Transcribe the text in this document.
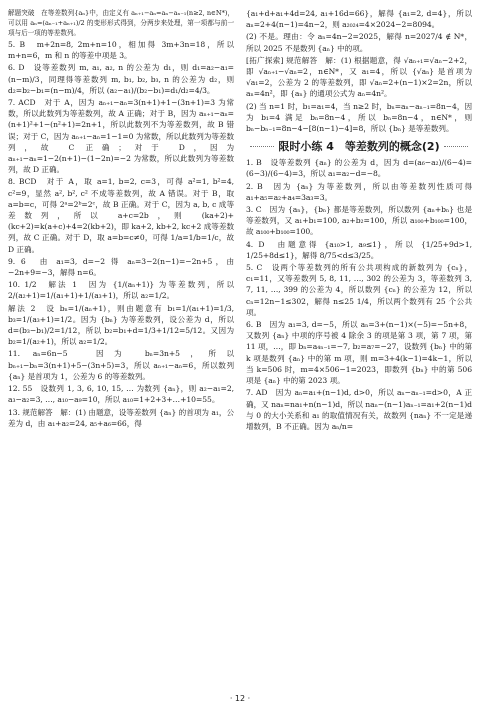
解题突破　在等差数列{aₙ}中，由定义有 aₙ₊₁−aₙ=aₙ−aₙ₋₁(n≥2, n∈N*)，可以用 aₙ=(aₙ₋₁+aₙ₊₁)/2 的变形形式得到，分两步来处理，第一项都与前一项与后一项的等差数列。

5. B　m+2n=8, 2m+n=10，相加得 3m+3n=18，所以 m+n=6，m 和 n 的等差中项是 3。

6. D　设等差数列 m, a₁, a₂, n 的公差为 d₁，则 d₁=a₂−a₁=(n−m)/3，同理得等差数列 m, b₁, b₂, b₃, n 的公差为 d₂，则 d₂=b₂−b₁=(n−m)/4，所以 (a₂−a₁)/(b₂−b₁)=d₁/d₂=4/3。

7. ACD　对于 A，因为 aₙ₊₁−aₙ=3(n+1)+1−(3n+1)=3 为常数，所以此数列为等差数列，故 A 正确；对于 B，因为 aₙ₊₁−aₙ=(n+1)²+1−(n²+1)=2n+1，所以此数列不为等差数列，故 B 错误；对于 C，因为 aₙ₊₁−aₙ=1−1=0 为常数，所以此数列为等差数列，故 C 正确；对于 D，因为 aₙ₊₁−aₙ=1−2(n+1)−(1−2n)=−2 为常数，所以此数列为等差数列，故 D 正确。

8. BCD　对于 A，取 a=1, b=2, c=3，可得 a²=1, b²=4, c²=9，显然 a², b², c² 不成等差数列，故 A 错误。对于 B，取 a=b=c，可得 2ᵃ=2ᵇ=2ᶜ，故 B 正确。对于 C，因为 a, b, c 成等差数列，所以 a+c=2b，则 (ka+2)+(kc+2)=k(a+c)+4=2(kb+2)，即 ka+2, kb+2, kc+2 成等差数列，故 C 正确。对于 D，取 a=b=c≠0，可得 1/a=1/b=1/c，故 D 正确。

9. 6　由 a₁=3, d=−2 得 aₙ=3−2(n−1)=−2n+5，由 −2n+9=−3，解得 n=6。

10. 1/2　解法 1　因为 {1/(aₙ+1)} 为等差数列，所以 2/(a₂+1)=1/(a₁+1)+1/(a₃+1)，所以 a₂=1/2。

解法 2　设 bₙ=1/(aₙ+1)，则由题意有 b₁=1/(a₁+1)=1/3, b₃=1/(a₃+1)=1/2。因为 {bₙ} 为等差数列，设公差为 d，所以 d=(b₃−b₁)/2=1/12，所以 b₂=b₁+d=1/3+1/12=5/12。又因为 b₂=1/(a₂+1)，所以 a₂=1/2。

11. aₙ=6n−5　因为 bₙ=3n+5，所以 bₙ₊₁−bₙ=3(n+1)+5−(3n+5)=3，所以 aₙ₊₁−aₙ=6，所以数列 {aₙ} 是首项为 1，公差为 6 的等差数列。

12. 55　设数列 1, 3, 6, 10, 15, … 为数列 {aₙ}，则 a₂−a₁=2, a₃−a₂=3, …, a₁₀−a₉=10，所以 a₁₀=1+2+3+…+10=55。

13. 规范解答　解：(1) 由题意，设等差数列 {aₙ} 的首项为 a₁，公差为 d，由 a₁+a₂=24, a₅+a₆=66，得

{a₁+d+a₁+4d=24, a₁+16d=66}，解得 {a₁=2, d=4}，所以 aₙ=2+4(n−1)=4n−2，则 a₂₀₂₄=4×2024−2=8094。

(2) 不是。理由：令 aₙ=4n−2=2025，解得 n=2027/4 ∉ N*，所以 2025 不是数列 {aₙ} 中的项。

[拓广探索] 规范解答　解：(1) 根据题意，得 √aₙ₊₁=√aₙ−2+2，即 √aₙ₊₁−√aₙ=2，n∈N*，又 a₁=4，所以 {√aₙ} 是首项为 √a₁=2，公差为 2 的等差数列，即 √aₙ=2+(n−1)×2=2n，所以 aₙ=4n²，即 {aₙ} 的通项公式为 aₙ=4n²。

(2) 当 n=1 时，b₁=a₁=4，当 n≥2 时，bₙ=aₙ−aₙ₋₁=8n−4，因为 b₁=4 满足 bₙ=8n−4，所以 bₙ=8n−4，n∈N*，则 bₙ−bₙ₋₁=8n−4−[8(n−1)−4]=8，所以 {bₙ} 是等差数列。

限时小练 4　等差数列的概念(2)

1. B　设等差数列 {aₙ} 的公差为 d，因为 d=(a₆−a₂)/(6−4)=(6−3)/(6−4)=3，所以 a₁=a₂−d=−8。

2. B　因为 {aₙ} 为等差数列，所以由等差数列性质可得 a₁+a₅=a₂+a₄=3a₃=3。

3. C　因为 {aₙ}，{bₙ} 都是等差数列，所以数列 {aₙ+bₙ} 也是等差数列，又 a₁+b₁=100, a₂+b₂=100，所以 a₁₀₀+b₁₀₀=100，故 a₁₀₀+b₁₀₀=100。

4. D　由题意得 {a₁₀>1, a₉≤1}，所以 {1/25+9d>1, 1/25+8d≤1}，解得 8/75<d≤3/25。

5. C　设两个等差数列的所有公共项构成的新数列为 {cₙ}，c₁=11，又等差数列 5, 8, 11, …, 302 的公差为 3，等差数列 3, 7, 11, …, 399 的公差为 4，所以数列 {cₙ} 的公差为 12，所以 cₙ=12n−1≤302，解得 n≤25 1/4，所以两个数列有 25 个公共项。

6. B　因为 a₁=3, d=−5，所以 aₙ=3+(n−1)×(−5)=−5n+8，又数列 {aₙ} 中项的序号被 4 除余 3 的项是第 3 项，第 7 项，第 11 项，…，即 bₙ=a₄ₙ₋₁=−7, b₂=a₇=−27，设数列 {bₙ} 中的第 k 项是数列 {aₙ} 中的第 m 项，则 m=3+4(k−1)=4k−1，所以当 k=506 时，m=4×506−1=2023，即数列 {bₙ} 中的第 506 项是 {aₙ} 中的第 2023 项。

7. AD　因为 aₙ=a₁+(n−1)d, d>0，所以 aₙ−aₙ₋₁=d>0，A 正确，又 naₙ=na₁+n(n−1)d，所以 naₙ−(n−1)aₙ₋₁=a₁+2(n−1)d 与 0 的大小关系和 a₁ 的取值情况有关，故数列 {naₙ} 不一定是递增数列，B 不正确。因为 aₙ/n=

· 12 ·
